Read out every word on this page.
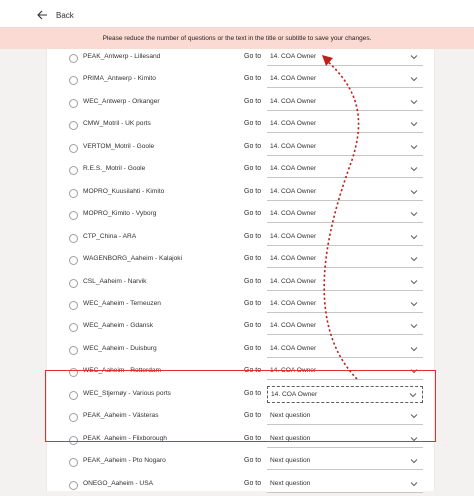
Back
Please reduce the number of questions or the text in the title or subtitle to save your changes.
PEAK_Antwerp - Lillesand	Go to 14. COA Owner
PRIMA_Antwerp - Kimito	Go to 14. COA Owner
WEC_Antwerp - Orkanger	Go to 14. COA Owner
CMW_Motril - UK ports	Go to 14. COA Owner
VERTOM_Motril - Goole	Go to 14. COA Owner
R.E.S._Motril - Goole	Go to 14. COA Owner
MOPRO_Kuusilahti - Kimito	Go to 14. COA Owner
MOPRO_Kimito - Vyborg	Go to 14. COA Owner
CTP_China - ARA	Go to 14. COA Owner
WAGENBORG_Aaheim - Kalajoki	Go to 14. COA Owner
CSL_Aaheim - Narvik	Go to 14. COA Owner
WEC_Aaheim - Terneuzen	Go to 14. COA Owner
WEC_Aaheim - Gdansk	Go to 14. COA Owner
WEC_Aaheim - Duisburg	Go to 14. COA Owner
WEC_Aaheim - Rotterdam	Go to 14. COA Owner
WEC_Stjernøy - Various ports	Go to 14. COA Owner
PEAK_Aaheim - Västeras	Go to Next question
PEAK_Aaheim - Flixborough	Go to Next question
PEAK_Aaheim - Pto Nogaro	Go to Next question
ONEGO_Aaheim - USA	Go to Next question
